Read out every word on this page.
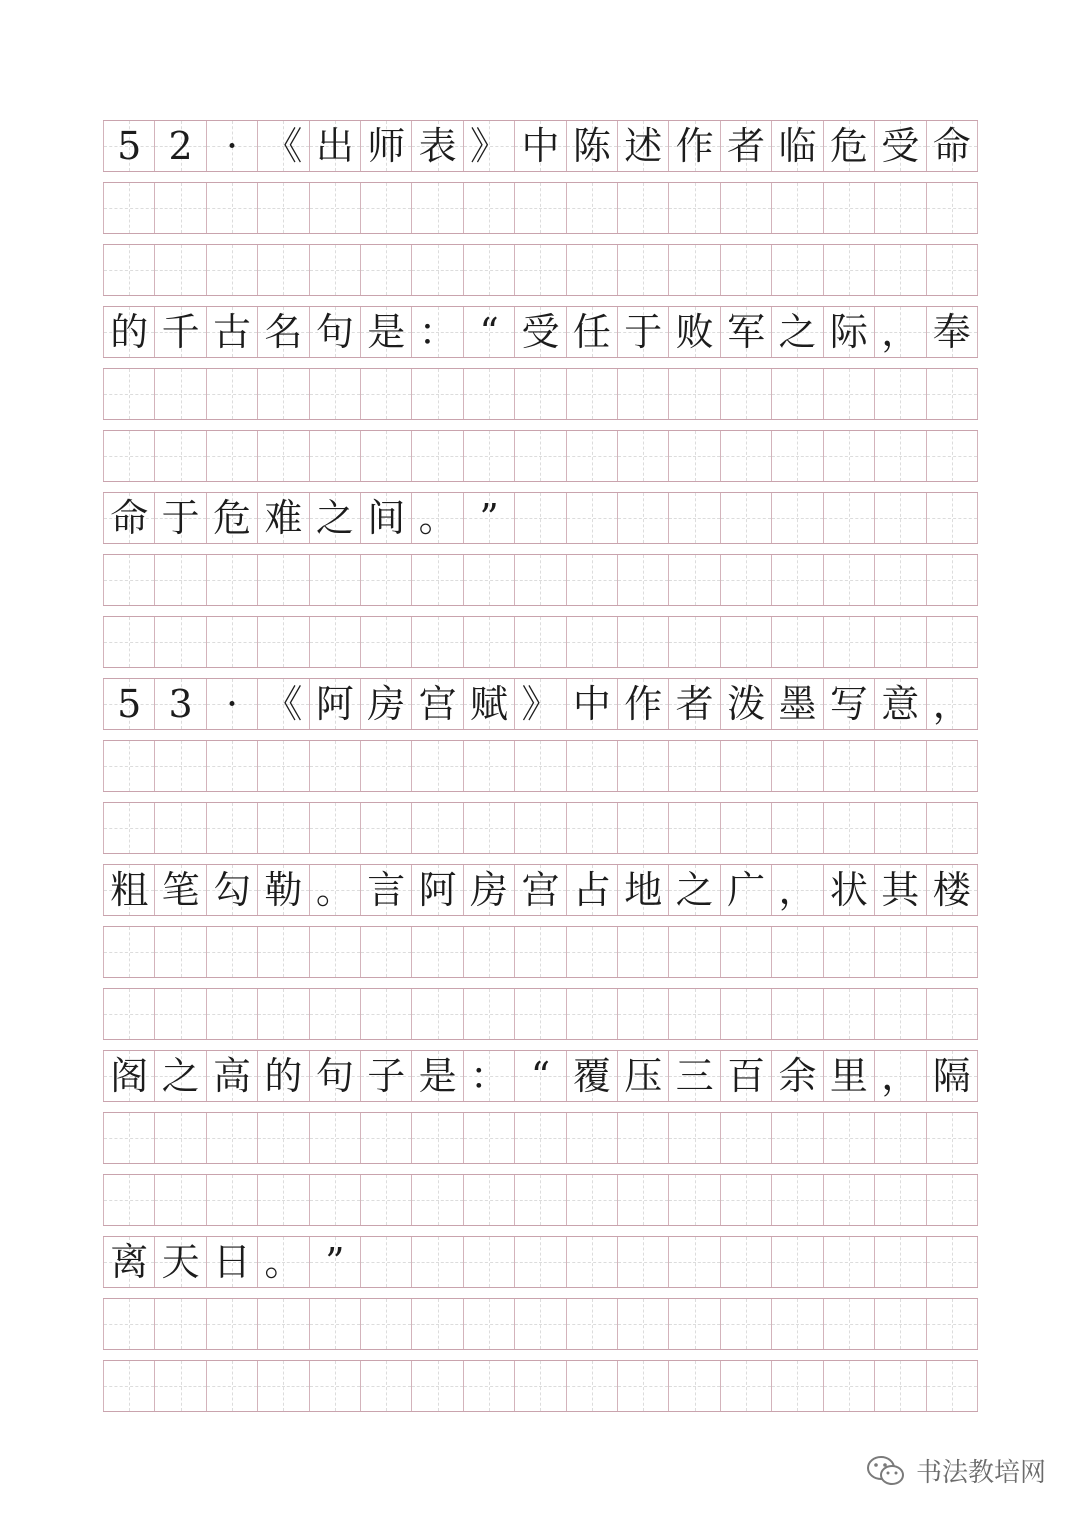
5 2 · 《 出 师 表 》 中 陈 述 作 者 临 危 受 命
的 千 古 名 句 是 ： “ 受 任 于 败 军 之 际 ， 奉
命 于 危 难 之 间 。 ”
5 3 · 《 阿 房 宫 赋 》 中 作 者 泼 墨 写 意 ，
粗 笔 勾 勒 。 言 阿 房 宫 占 地 之 广 ， 状 其 楼
阁 之 高 的 句 子 是 ： “ 覆 压 三 百 余 里 ， 隔
离 天 日 。 ”
书法教培网
